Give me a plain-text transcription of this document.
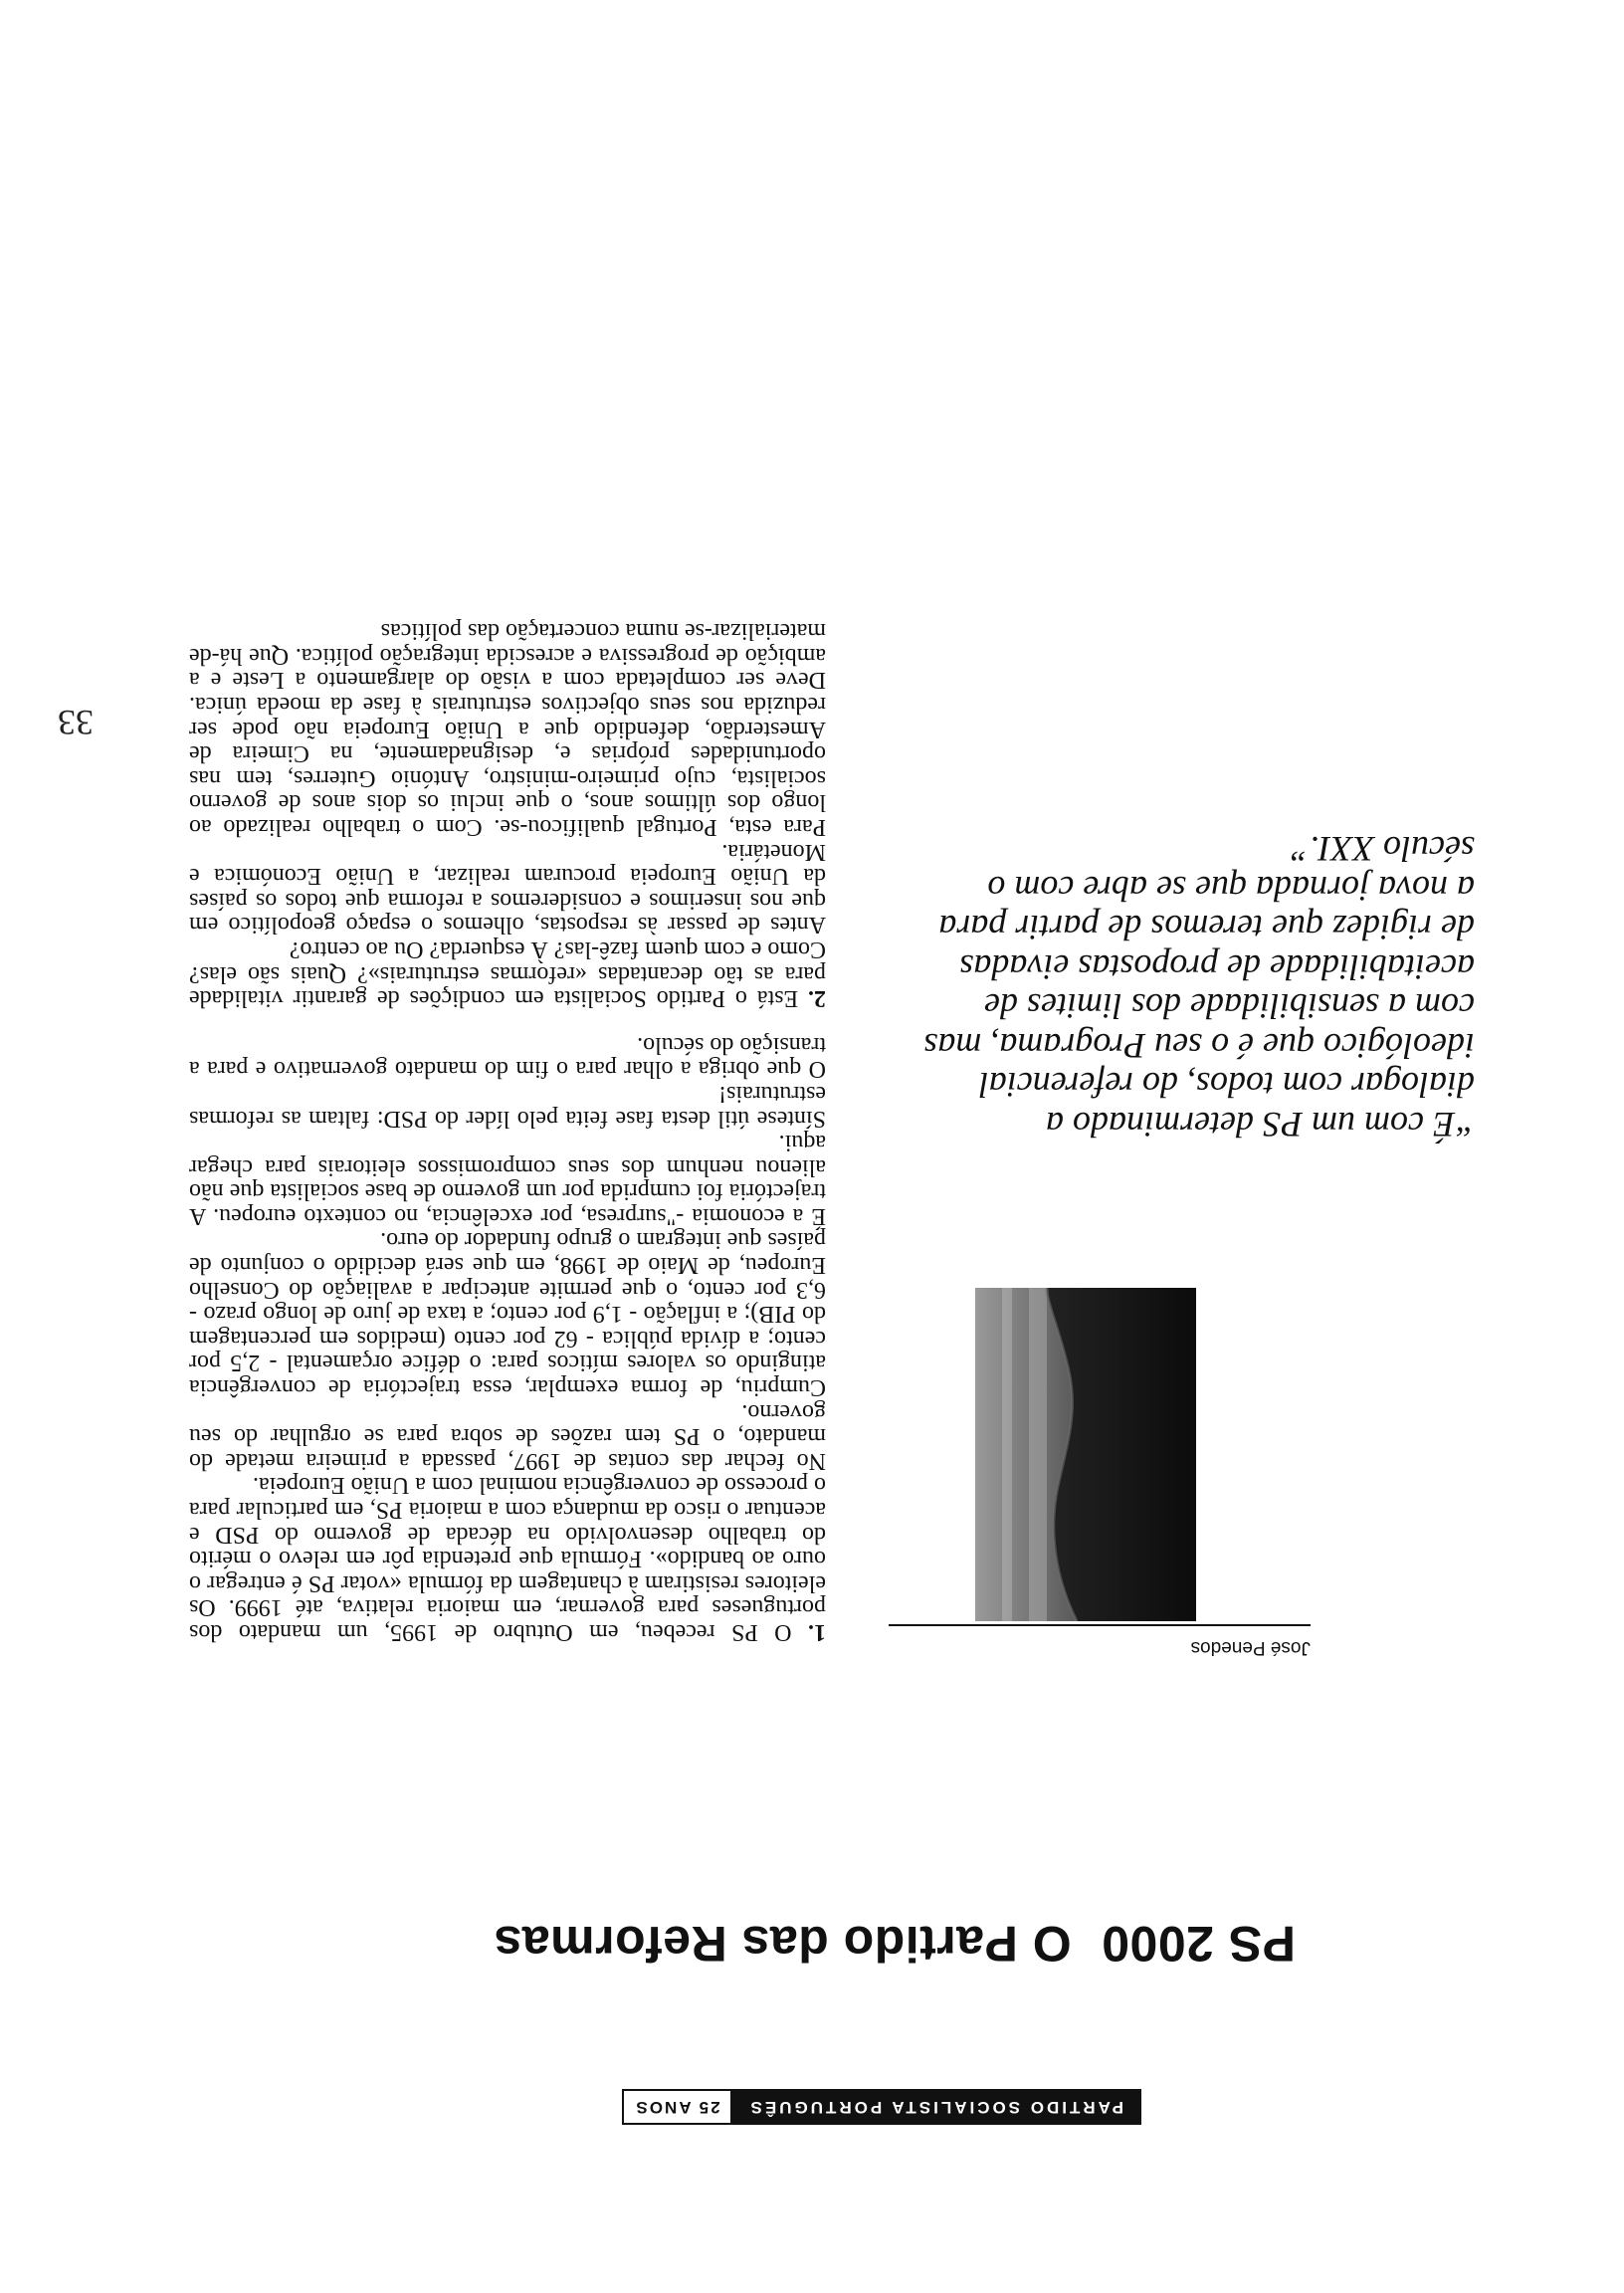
33
PARTIDO SOCIALISTA PORTUGUÊS
25 ANOS
PS 2000O Partido das Reformas
José Penedos
“É com um PS determinado a dialogar com todos, do referencial ideológico que é o seu Programa, mas com a sensibilidade dos limites de aceitabilidade de propostas eivadas de rigidez que teremos de partir para a nova jornada que se abre com o século XXI.”

1. O PS recebeu, em Outubro de 1995, um mandato dos portugueses para governar, em maioria relativa, até 1999. Os eleitores resistiram à chantagem da fórmula «votar PS é entregar o ouro ao bandido». Fórmula que pretendia pôr em relevo o mérito do trabalho desenvolvido na década de governo do PSD e acentuar o risco da mudança com a maioria PS, em particular para o processo de convergência nominal com a União Europeia.

No fechar das contas de 1997, passada a primeira metade do mandato, o PS tem razões de sobra para se orgulhar do seu governo.

Cumpriu, de forma exemplar, essa trajectória de convergência atingindo os valores míticos para: o défice orçamental - 2,5 por cento; a dívida pública - 62 por cento (medidos em percentagem do PIB); a inflação - 1,9 por cento; a taxa de juro de longo prazo - 6,3 por cento, o que permite antecipar a avaliação do Conselho Europeu, de Maio de 1998, em que será decidido o conjunto de países que integram o grupo fundador do euro.

É a economia -"surpresa, por excelência, no contexto europeu. A trajectória foi cumprida por um governo de base socialista que não alienou nenhum dos seus compromissos eleitorais para chegar aqui.

Síntese útil desta fase feita pelo líder do PSD: faltam as reformas estruturais!

O que obriga a olhar para o fim do mandato governativo e para a transição do século.

2. Está o Partido Socialista em condições de garantir vitalidade para as tão decantadas «reformas estruturais»? Quais são elas? Como e com quem fazê-las? À esquerda? Ou ao centro?

Antes de passar às respostas, olhemos o espaço geopolítico em que nos inserimos e consideremos a reforma que todos os países da União Europeia procuram realizar, a União Económica e Monetária.

Para esta, Portugal qualificou-se. Com o trabalho realizado ao longo dos últimos anos, o que inclui os dois anos de governo socialista, cujo primeiro-ministro, António Guterres, tem nas oportunidades próprias e, designadamente, na Cimeira de Amesterdão, defendido que a União Europeia não pode ser reduzida nos seus objectivos estruturais à fase da moeda única. Deve ser completada com a visão do alargamento a Leste e a ambição de progressiva e acrescida integração política. Que há-de materializar-se numa concertação das políticas
